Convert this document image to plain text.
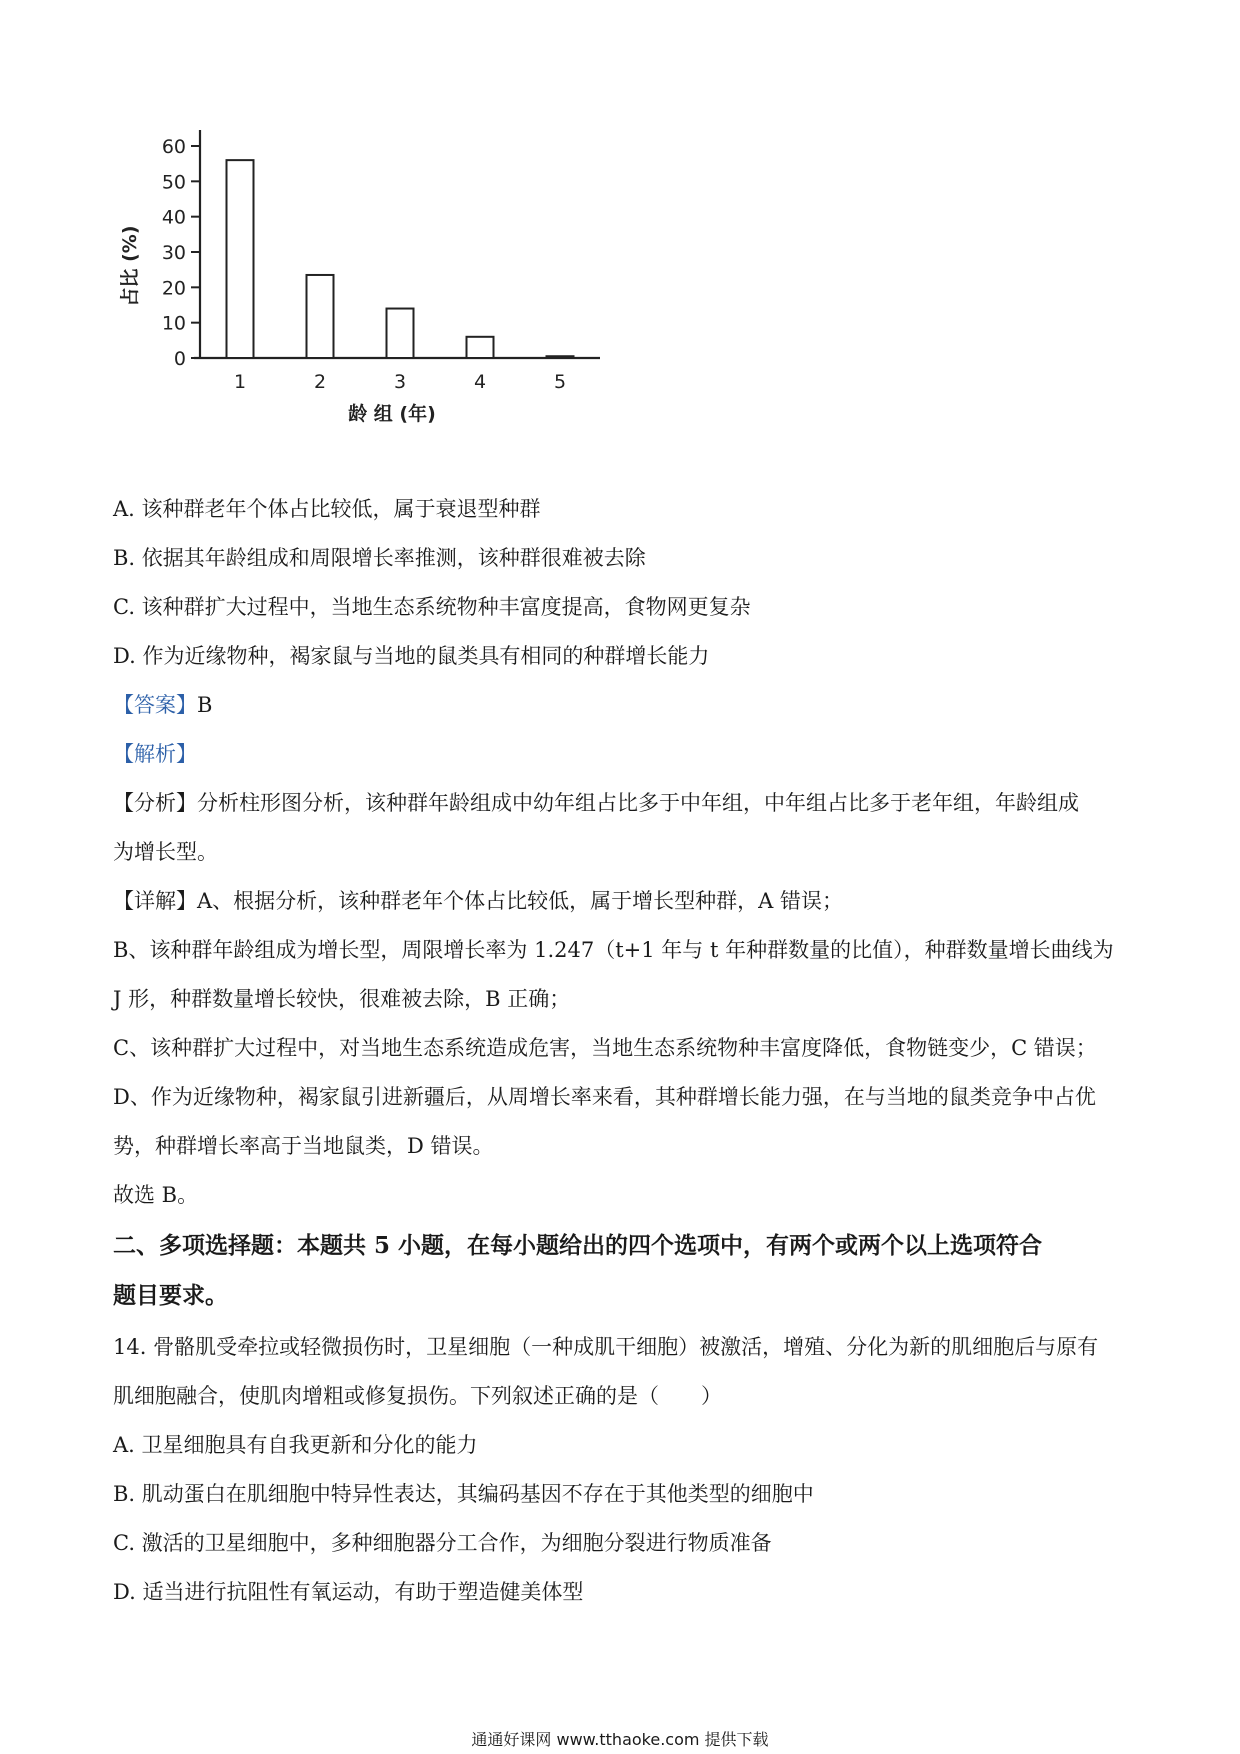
0
10
20
30
40
50
60
1	2	3	4	5
龄 组 (年)
占比 (%)
A. 该种群老年个体占比较低，属于衰退型种群
B. 依据其年龄组成和周限增长率推测，该种群很难被去除
C. 该种群扩大过程中，当地生态系统物种丰富度提高，食物网更复杂
D. 作为近缘物种，褐家鼠与当地的鼠类具有相同的种群增长能力
【答案】B
【解析】
【分析】分析柱形图分析，该种群年龄组成中幼年组占比多于中年组，中年组占比多于老年组，年龄组成
为增长型。
【详解】A、根据分析，该种群老年个体占比较低，属于增长型种群，A 错误；
B、该种群年龄组成为增长型，周限增长率为 1.247（t+1 年与 t 年种群数量的比值），种群数量增长曲线为
J 形，种群数量增长较快，很难被去除，B 正确；
C、该种群扩大过程中，对当地生态系统造成危害，当地生态系统物种丰富度降低，食物链变少，C 错误；
D、作为近缘物种，褐家鼠引进新疆后，从周增长率来看，其种群增长能力强，在与当地的鼠类竞争中占优
势，种群增长率高于当地鼠类，D 错误。
故选 B。
二、多项选择题：本题共 5 小题，在每小题给出的四个选项中，有两个或两个以上选项符合
题目要求。
14. 骨骼肌受牵拉或轻微损伤时，卫星细胞（一种成肌干细胞）被激活，增殖、分化为新的肌细胞后与原有
肌细胞融合，使肌肉增粗或修复损伤。下列叙述正确的是（　　）
A. 卫星细胞具有自我更新和分化的能力
B. 肌动蛋白在肌细胞中特异性表达，其编码基因不存在于其他类型的细胞中
C. 激活的卫星细胞中，多种细胞器分工合作，为细胞分裂进行物质准备
D. 适当进行抗阻性有氧运动，有助于塑造健美体型
通通好课网 www.tthaoke.com 提供下载
